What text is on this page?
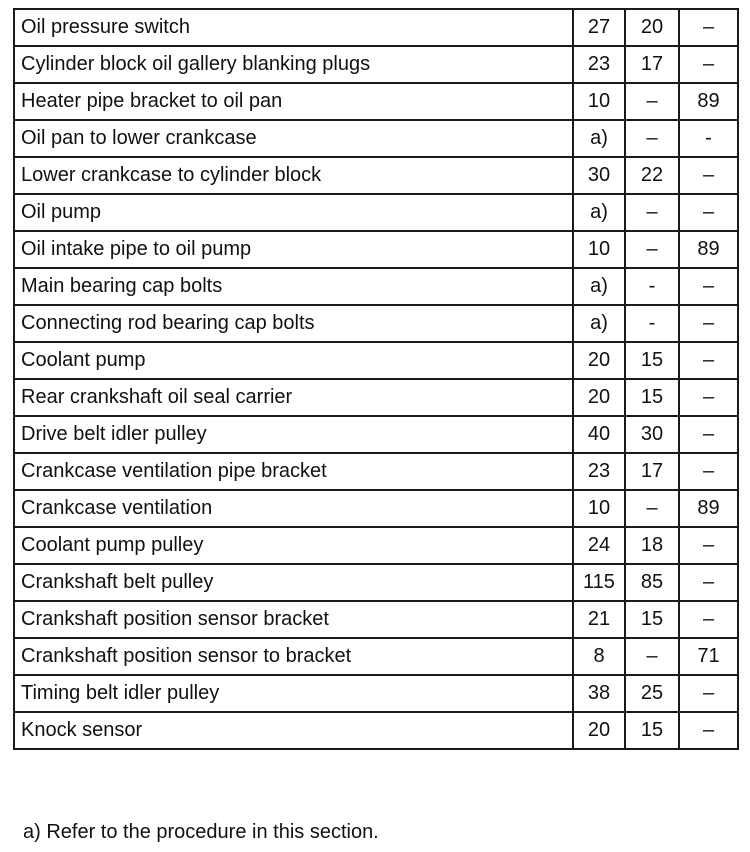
Oil pressure switch	27	20	–
Cylinder block oil gallery blanking plugs	23	17	–
Heater pipe bracket to oil pan	10	–	89
Oil pan to lower crankcase	a)	–	-
Lower crankcase to cylinder block	30	22	–
Oil pump	a)	–	–
Oil intake pipe to oil pump	10	–	89
Main bearing cap bolts	a)	-	–
Connecting rod bearing cap bolts	a)	-	–
Coolant pump	20	15	–
Rear crankshaft oil seal carrier	20	15	–
Drive belt idler pulley	40	30	–
Crankcase ventilation pipe bracket	23	17	–
Crankcase ventilation	10	–	89
Coolant pump pulley	24	18	–
Crankshaft belt pulley	115	85	–
Crankshaft position sensor bracket	21	15	–
Crankshaft position sensor to bracket	8	–	71
Timing belt idler pulley	38	25	–
Knock sensor	20	15	–
a) Refer to the procedure in this section.
